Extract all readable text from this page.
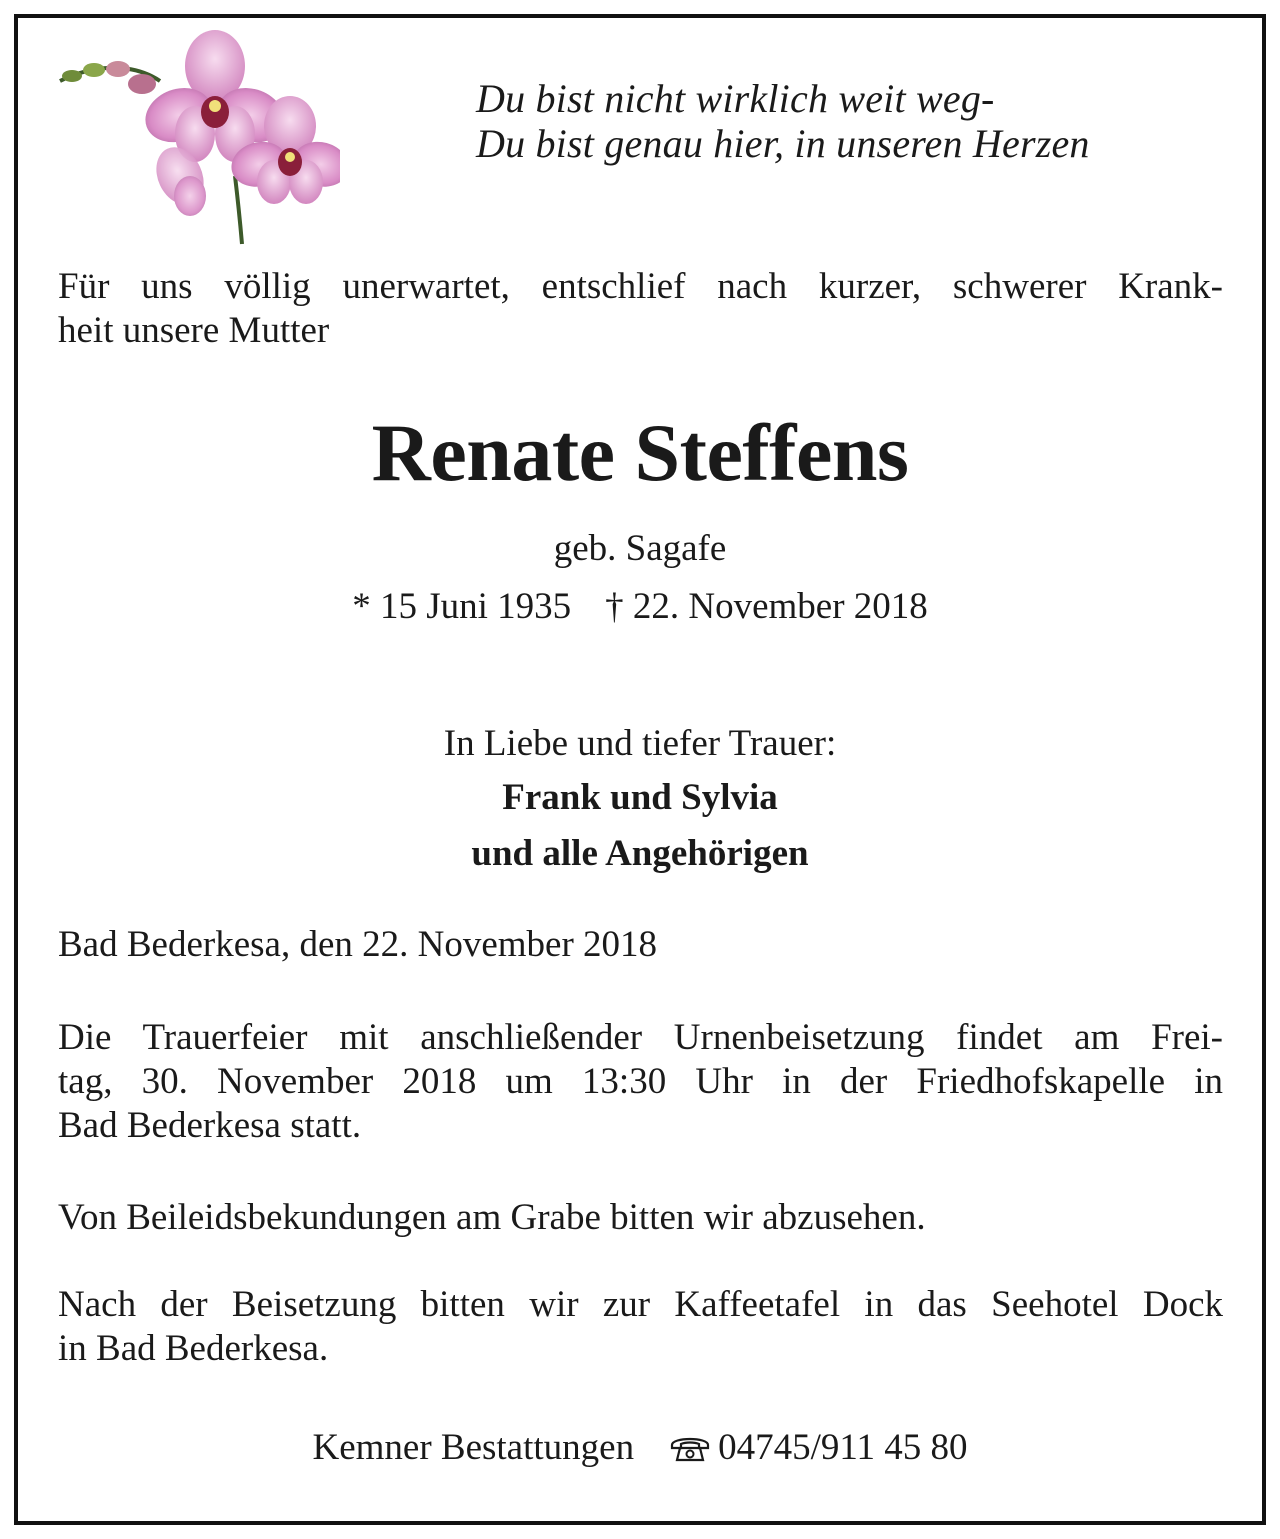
Du bist nicht wirklich weit weg-
Du bist genau hier, in unseren Herzen
Für uns völlig unerwartet, entschlief nach kurzer, schwerer Krank-
heit unsere Mutter
Renate Steffens
geb. Sagafe
* 15 Juni 1935 † 22. November 2018
In Liebe und tiefer Trauer:
Frank und Sylvia
und alle Angehörigen
Bad Bederkesa, den 22. November 2018
Die Trauerfeier mit anschließender Urnenbeisetzung findet am Frei-
tag, 30. November 2018 um 13:30 Uhr in der Friedhofskapelle in
Bad Bederkesa statt.
Von Beileidsbekundungen am Grabe bitten wir abzusehen.
Nach der Beisetzung bitten wir zur Kaffeetafel in das Seehotel Dock
in Bad Bederkesa.
Kemner Bestattungen 04745/911 45 80
